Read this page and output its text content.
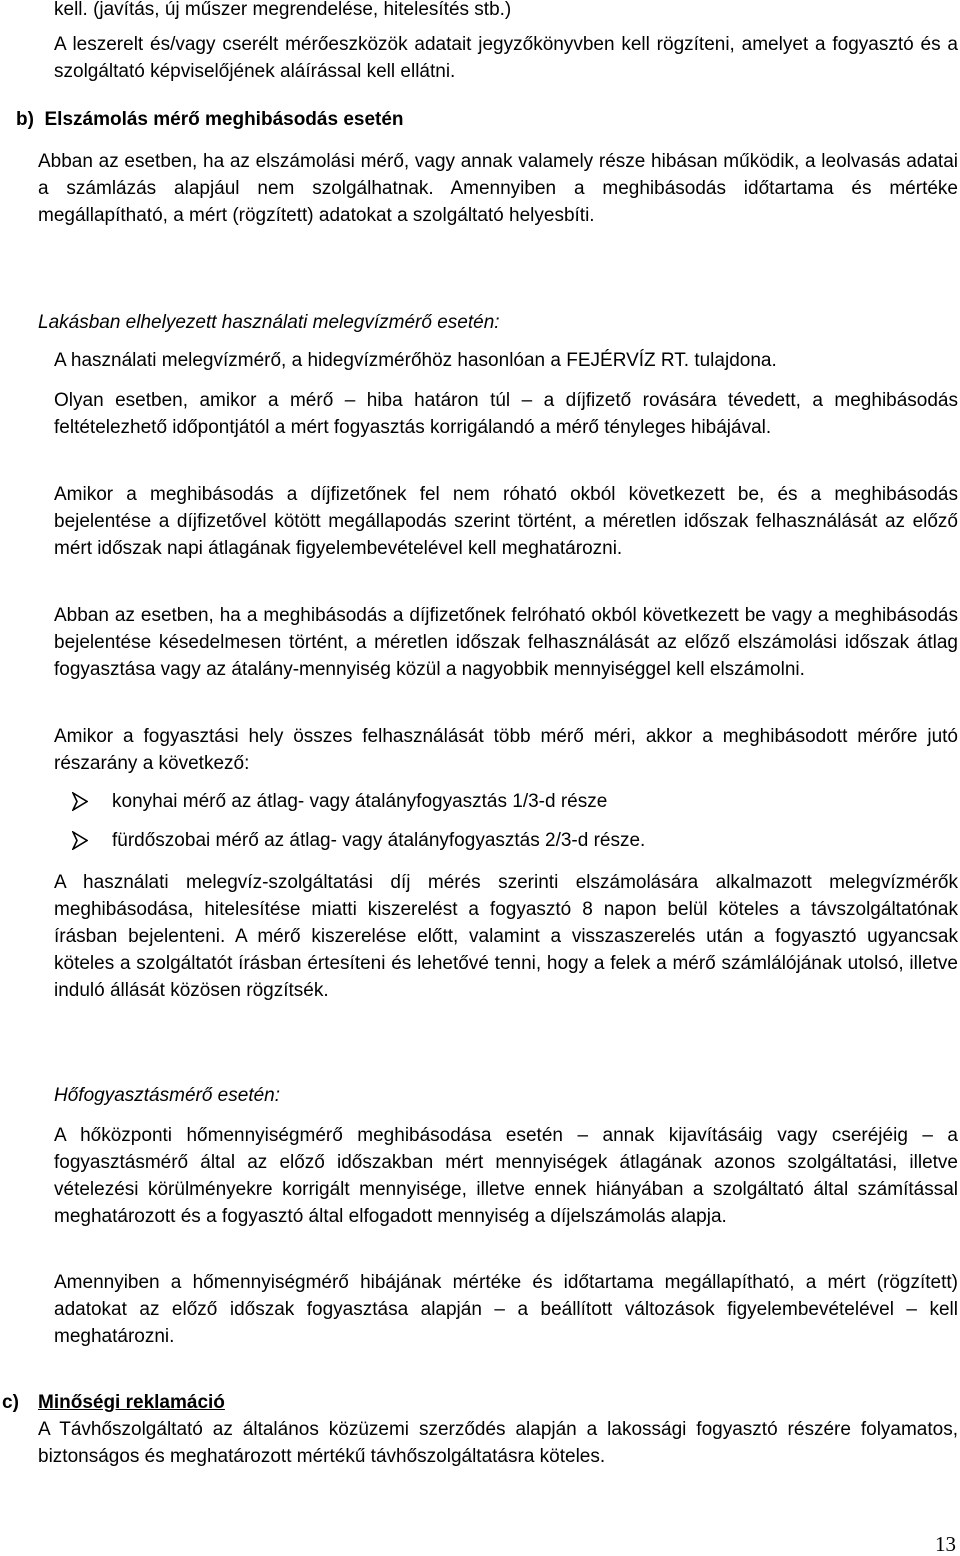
kell. (javítás, új műszer megrendelése, hitelesítés stb.)
A leszerelt és/vagy cserélt mérőeszközök adatait jegyzőkönyvben kell rögzíteni, amelyet a fogyasztó és a szolgáltató képviselőjének aláírással kell ellátni.
b)  Elszámolás mérő meghibásodás esetén
Abban az esetben, ha az elszámolási mérő, vagy annak valamely része hibásan működik, a leolvasás adatai a számlázás alapjául nem szolgálhatnak. Amennyiben a meghibásodás időtartama és mértéke megállapítható, a mért (rögzített) adatokat a szolgáltató helyesbíti.
Lakásban elhelyezett használati melegvízmérő esetén:
A használati melegvízmérő, a hidegvízmérőhöz hasonlóan a FEJÉRVÍZ RT. tulajdona.
Olyan esetben, amikor a mérő – hiba határon túl – a díjfizető rovására tévedett, a meghibásodás feltételezhető időpontjától a mért fogyasztás korrigálandó a mérő tényleges hibájával.
Amikor a meghibásodás a díjfizetőnek fel nem róható okból következett be, és a meghibásodás bejelentése a díjfizetővel kötött megállapodás szerint történt, a méretlen időszak felhasználását az előző mért időszak napi átlagának figyelembevételével kell meghatározni.
Abban az esetben, ha a meghibásodás a díjfizetőnek felróható okból következett be vagy a meghibásodás bejelentése késedelmesen történt, a méretlen időszak felhasználását az előző elszámolási időszak átlag fogyasztása vagy az átalány-mennyiség közül a nagyobbik mennyiséggel kell elszámolni.
Amikor a fogyasztási hely összes felhasználását több mérő méri, akkor a meghibásodott mérőre jutó részarány a következő:
konyhai mérő az átlag- vagy átalányfogyasztás 1/3-d része
fürdőszobai mérő az átlag- vagy átalányfogyasztás 2/3-d része.
A használati melegvíz-szolgáltatási díj mérés szerinti elszámolására alkalmazott melegvízmérők meghibásodása, hitelesítése miatti kiszerelést a fogyasztó 8 napon belül köteles a távszolgáltatónak írásban bejelenteni. A mérő kiszerelése előtt, valamint a visszaszerelés után a fogyasztó ugyancsak köteles a szolgáltatót írásban értesíteni és lehetővé tenni, hogy a felek a mérő számlálójának utolsó, illetve induló állását közösen rögzítsék.
Hőfogyasztásmérő esetén:
A hőközponti hőmennyiségmérő meghibásodása esetén – annak kijavításáig vagy cseréjéig – a fogyasztásmérő által az előző időszakban mért mennyiségek átlagának azonos szolgáltatási, illetve vételezési körülményekre korrigált mennyisége, illetve ennek hiányában a szolgáltató által számítással meghatározott és a fogyasztó által elfogadott mennyiség a díjelszámolás alapja.
Amennyiben a hőmennyiségmérő hibájának mértéke és időtartama megállapítható, a mért (rögzített) adatokat az előző időszak fogyasztása alapján – a beállított változások figyelembevételével – kell meghatározni.
c)	Minőségi reklamáció
A Távhőszolgáltató az általános közüzemi szerződés alapján a lakossági fogyasztó részére folyamatos, biztonságos és meghatározott mértékű távhőszolgáltatásra köteles.
13
